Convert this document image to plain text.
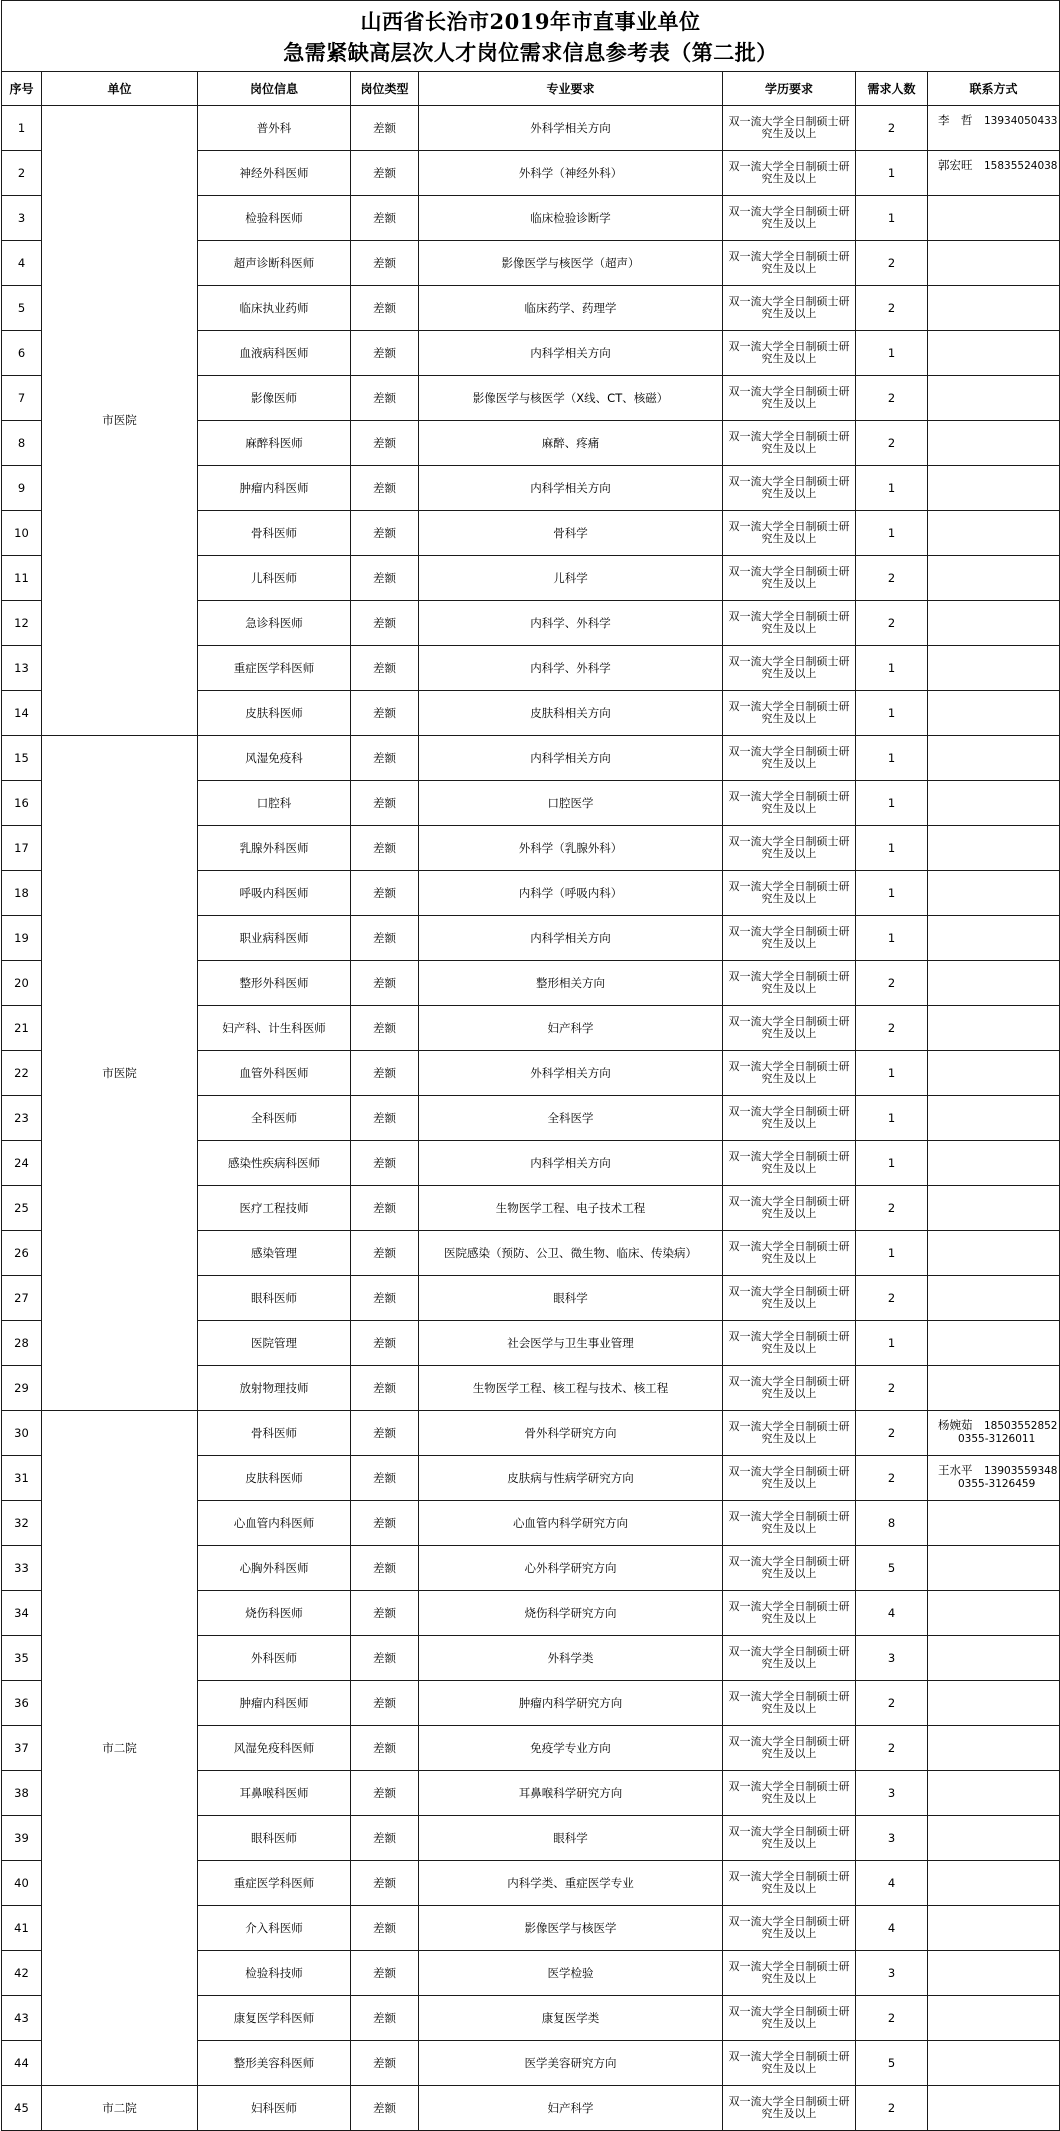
山西省长治市2019年市直事业单位
急需紧缺高层次人才岗位需求信息参考表（第二批）							

序号	单位	岗位信息	岗位类型	专业要求	学历要求	需求人数	联系方式
1	市医院	普外科	差额	外科学相关方向	双一流大学全日制硕士研究生及以上	2	李　哲 13934050433
2		神经外科医师	差额	外科学（神经外科）	双一流大学全日制硕士研究生及以上	1	郭宏旺 15835524038
3		检验科医师	差额	临床检验诊断学	双一流大学全日制硕士研究生及以上	1	
4		超声诊断科医师	差额	影像医学与核医学（超声）	双一流大学全日制硕士研究生及以上	2	
5		临床执业药师	差额	临床药学、药理学	双一流大学全日制硕士研究生及以上	2	
6		血液病科医师	差额	内科学相关方向	双一流大学全日制硕士研究生及以上	1	
7		影像医师	差额	影像医学与核医学（X线、CT、核磁）	双一流大学全日制硕士研究生及以上	2	
8		麻醉科医师	差额	麻醉、疼痛	双一流大学全日制硕士研究生及以上	2	
9		肿瘤内科医师	差额	内科学相关方向	双一流大学全日制硕士研究生及以上	1	
10		骨科医师	差额	骨科学	双一流大学全日制硕士研究生及以上	1	
11		儿科医师	差额	儿科学	双一流大学全日制硕士研究生及以上	2	
12		急诊科医师	差额	内科学、外科学	双一流大学全日制硕士研究生及以上	2	
13		重症医学科医师	差额	内科学、外科学	双一流大学全日制硕士研究生及以上	1	
14		皮肤科医师	差额	皮肤科相关方向	双一流大学全日制硕士研究生及以上	1	
15	市医院	风湿免疫科	差额	内科学相关方向	双一流大学全日制硕士研究生及以上	1	
16		口腔科	差额	口腔医学	双一流大学全日制硕士研究生及以上	1	
17		乳腺外科医师	差额	外科学（乳腺外科）	双一流大学全日制硕士研究生及以上	1	
18		呼吸内科医师	差额	内科学（呼吸内科）	双一流大学全日制硕士研究生及以上	1	
19		职业病科医师	差额	内科学相关方向	双一流大学全日制硕士研究生及以上	1	
20		整形外科医师	差额	整形相关方向	双一流大学全日制硕士研究生及以上	2	
21		妇产科、计生科医师	差额	妇产科学	双一流大学全日制硕士研究生及以上	2	
22		血管外科医师	差额	外科学相关方向	双一流大学全日制硕士研究生及以上	1	
23		全科医师	差额	全科医学	双一流大学全日制硕士研究生及以上	1	
24		感染性疾病科医师	差额	内科学相关方向	双一流大学全日制硕士研究生及以上	1	
25		医疗工程技师	差额	生物医学工程、电子技术工程	双一流大学全日制硕士研究生及以上	2	
26		感染管理	差额	医院感染（预防、公卫、微生物、临床、传染病）	双一流大学全日制硕士研究生及以上	1	
27		眼科医师	差额	眼科学	双一流大学全日制硕士研究生及以上	2	
28		医院管理	差额	社会医学与卫生事业管理	双一流大学全日制硕士研究生及以上	1	
29		放射物理技师	差额	生物医学工程、核工程与技术、核工程	双一流大学全日制硕士研究生及以上	2	
30	市二院	骨科医师	差额	骨外科学研究方向	双一流大学全日制硕士研究生及以上	2	杨婉茹 18503552852
0355-3126011

31		皮肤科医师	差额	皮肤病与性病学研究方向	双一流大学全日制硕士研究生及以上	2	王水平 13903559348
0355-3126459

32		心血管内科医师	差额	心血管内科学研究方向	双一流大学全日制硕士研究生及以上	8	
33		心胸外科医师	差额	心外科学研究方向	双一流大学全日制硕士研究生及以上	5	
34		烧伤科医师	差额	烧伤科学研究方向	双一流大学全日制硕士研究生及以上	4	
35		外科医师	差额	外科学类	双一流大学全日制硕士研究生及以上	3	
36		肿瘤内科医师	差额	肿瘤内科学研究方向	双一流大学全日制硕士研究生及以上	2	
37		风湿免疫科医师	差额	免疫学专业方向	双一流大学全日制硕士研究生及以上	2	
38		耳鼻喉科医师	差额	耳鼻喉科学研究方向	双一流大学全日制硕士研究生及以上	3	
39		眼科医师	差额	眼科学	双一流大学全日制硕士研究生及以上	3	
40		重症医学科医师	差额	内科学类、重症医学专业	双一流大学全日制硕士研究生及以上	4	
41		介入科医师	差额	影像医学与核医学	双一流大学全日制硕士研究生及以上	4	
42		检验科技师	差额	医学检验	双一流大学全日制硕士研究生及以上	3	
43		康复医学科医师	差额	康复医学类	双一流大学全日制硕士研究生及以上	2	
44		整形美容科医师	差额	医学美容研究方向	双一流大学全日制硕士研究生及以上	5	
45	市二院	妇科医师	差额	妇产科学	双一流大学全日制硕士研究生及以上	2	
